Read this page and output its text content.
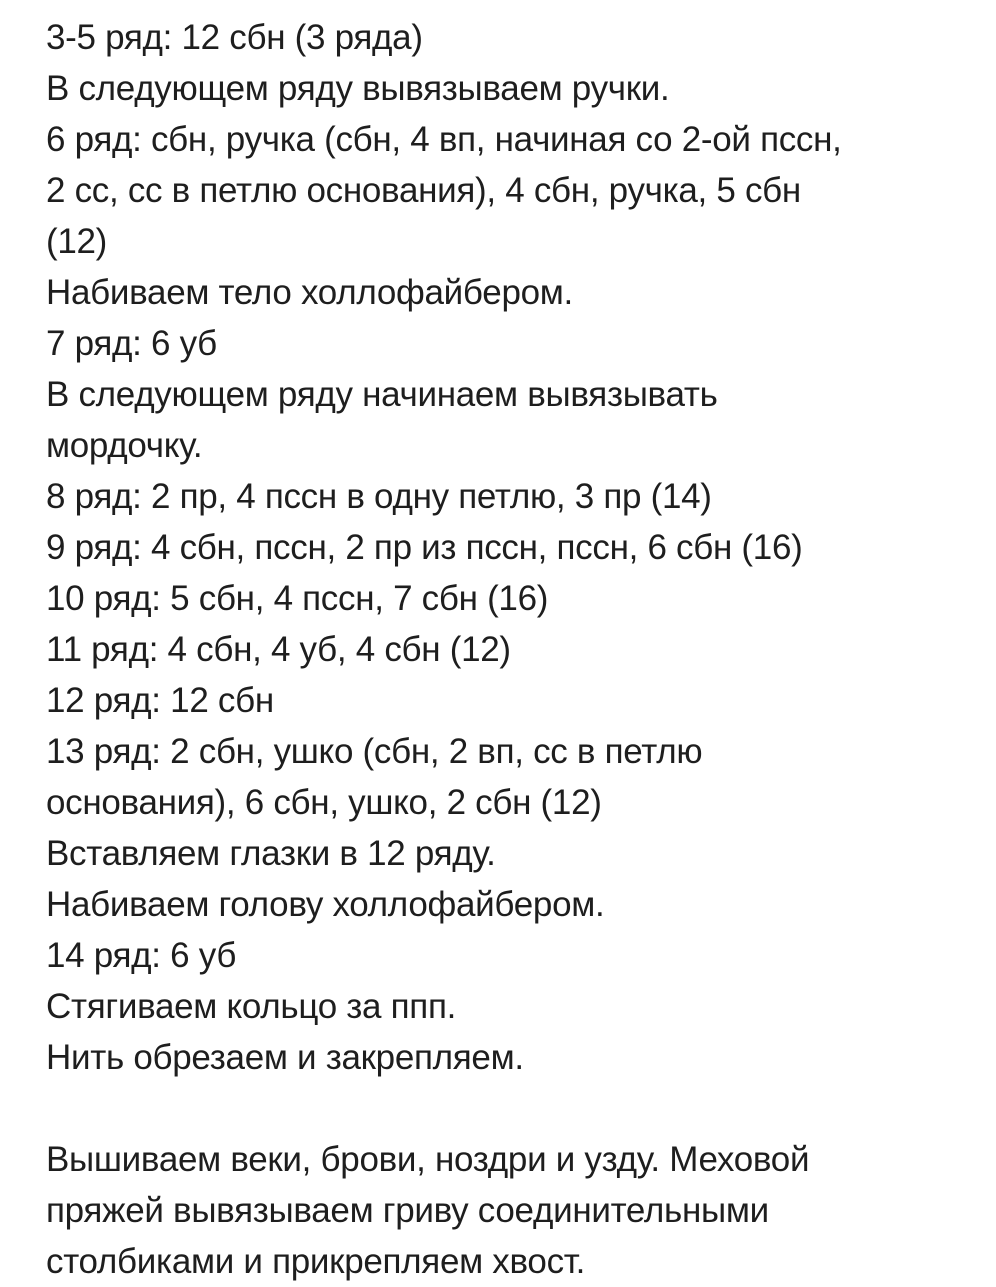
3-5 ряд: 12 сбн (3 ряда)
В следующем ряду вывязываем ручки.
6 ряд: сбн, ручка (сбн, 4 вп, начиная со 2-ой пссн,
2 сс, сс в петлю основания), 4 сбн, ручка, 5 сбн
(12)
Набиваем тело холлофайбером.
7 ряд: 6 уб
В следующем ряду начинаем вывязывать
мордочку.
8 ряд: 2 пр, 4 пссн в одну петлю, 3 пр (14)
9 ряд: 4 сбн, пссн, 2 пр из пссн, пссн, 6 сбн (16)
10 ряд: 5 сбн, 4 пссн, 7 сбн (16)
11 ряд: 4 сбн, 4 уб, 4 сбн (12)
12 ряд: 12 сбн
13 ряд: 2 сбн, ушко (сбн, 2 вп, сс в петлю
основания), 6 сбн, ушко, 2 сбн (12)
Вставляем глазки в 12 ряду.
Набиваем голову холлофайбером.
14 ряд: 6 уб
Стягиваем кольцо за ппп.
Нить обрезаем и закрепляем.
Вышиваем веки, брови, ноздри и узду. Меховой
пряжей вывязываем гриву соединительными
столбиками и прикрепляем хвост.
